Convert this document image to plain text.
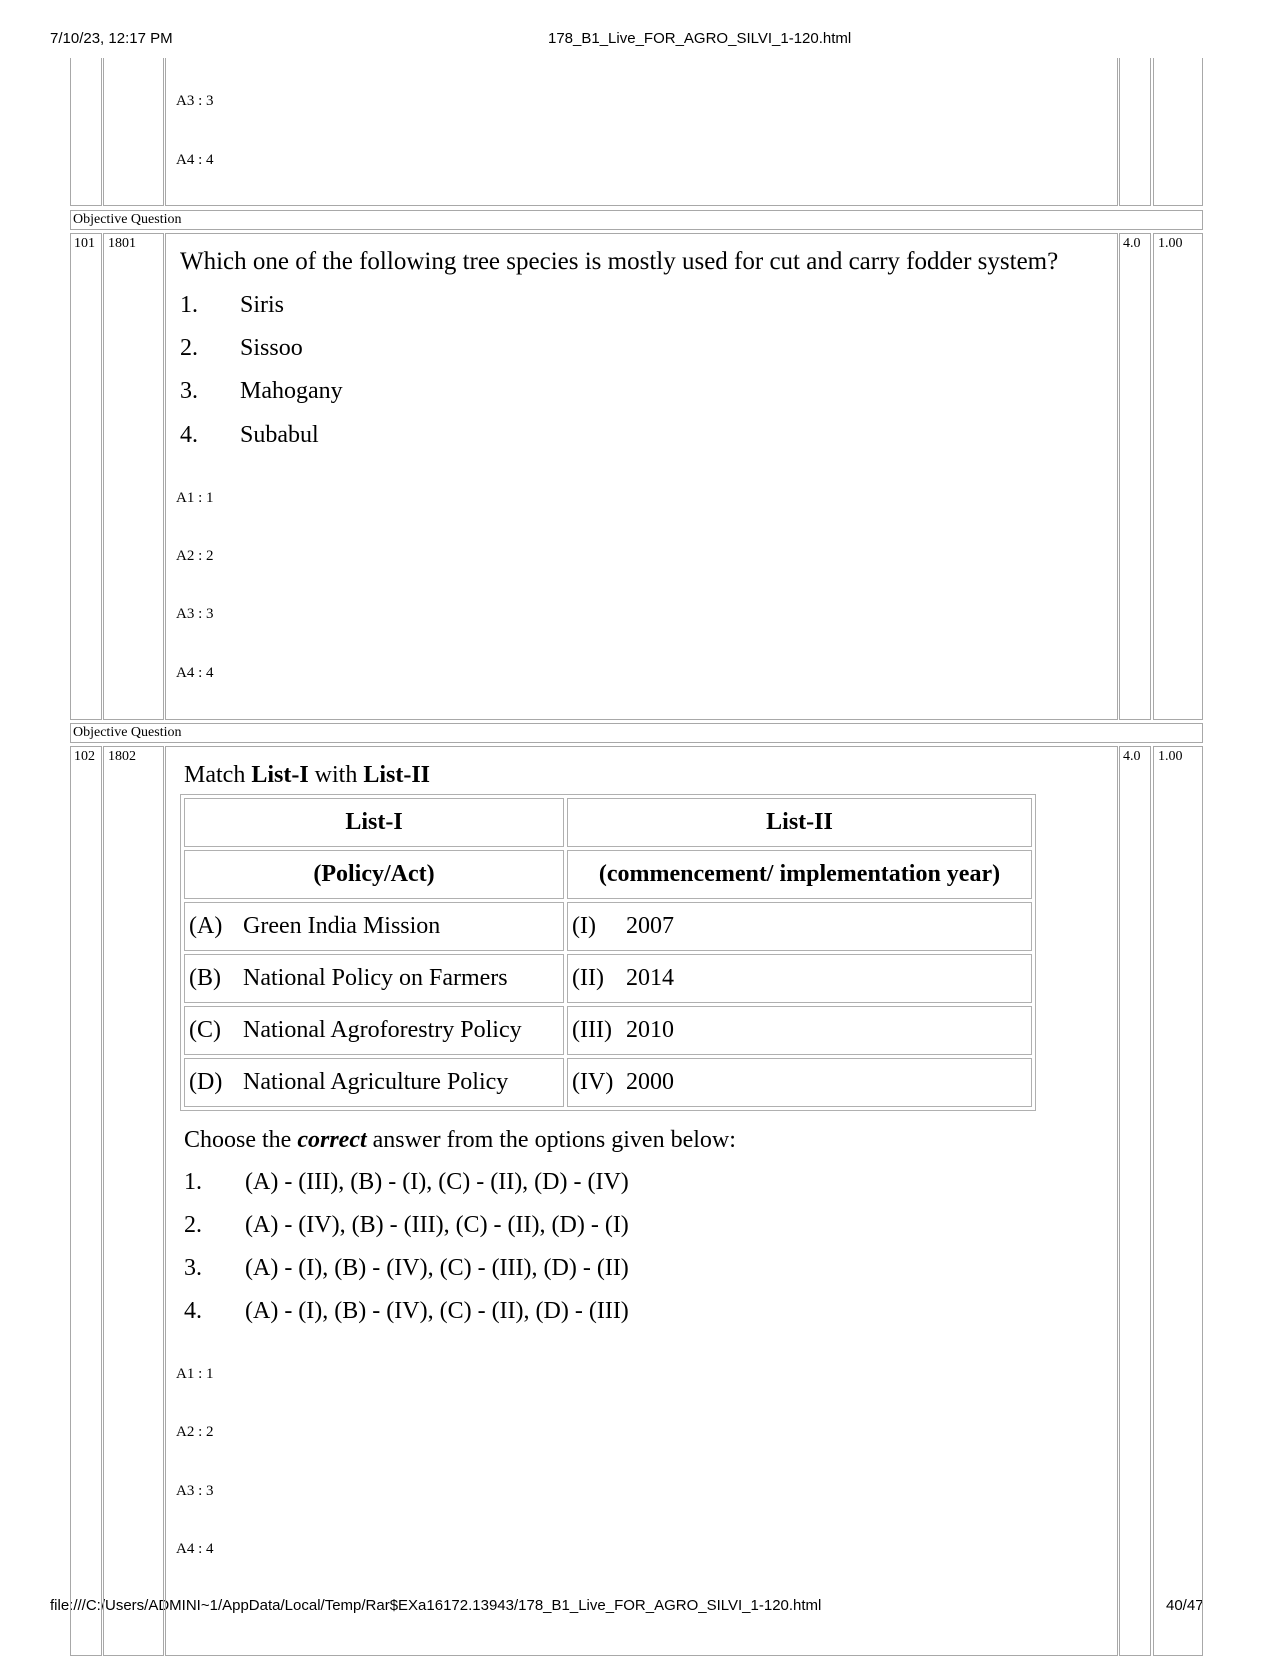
7/10/23, 12:17 PM	178_B1_Live_FOR_AGRO_SILVI_1-120.html
file:///C:/Users/ADMINI~1/AppData/Local/Temp/Rar$EXa16172.13943/178_B1_Live_FOR_AGRO_SILVI_1-120.html	40/47
A3 : 3
A4 : 4
Objective Question
101 1801	4.0 1.00
Which one of the following tree species is mostly used for cut and carry fodder system?
1. Siris
2. Sissoo
3. Mahogany
4. Subabul
A1 : 1
A2 : 2
A3 : 3
A4 : 4
Objective Question
102 1802	4.0 1.00
Match List-I with List-II
List-I	List-II
(Policy/Act)	(commencement/ implementation year)
(A) Green India Mission	(I) 2007
(B) National Policy on Farmers	(II) 2014
(C) National Agroforestry Policy	(III) 2010
(D) National Agriculture Policy	(IV) 2000
Choose the correct answer from the options given below:
1. (A) - (III), (B) - (I), (C) - (II), (D) - (IV)
2. (A) - (IV), (B) - (III), (C) - (II), (D) - (I)
3. (A) - (I), (B) - (IV), (C) - (III), (D) - (II)
4. (A) - (I), (B) - (IV), (C) - (II), (D) - (III)
A1 : 1
A2 : 2
A3 : 3
A4 : 4
